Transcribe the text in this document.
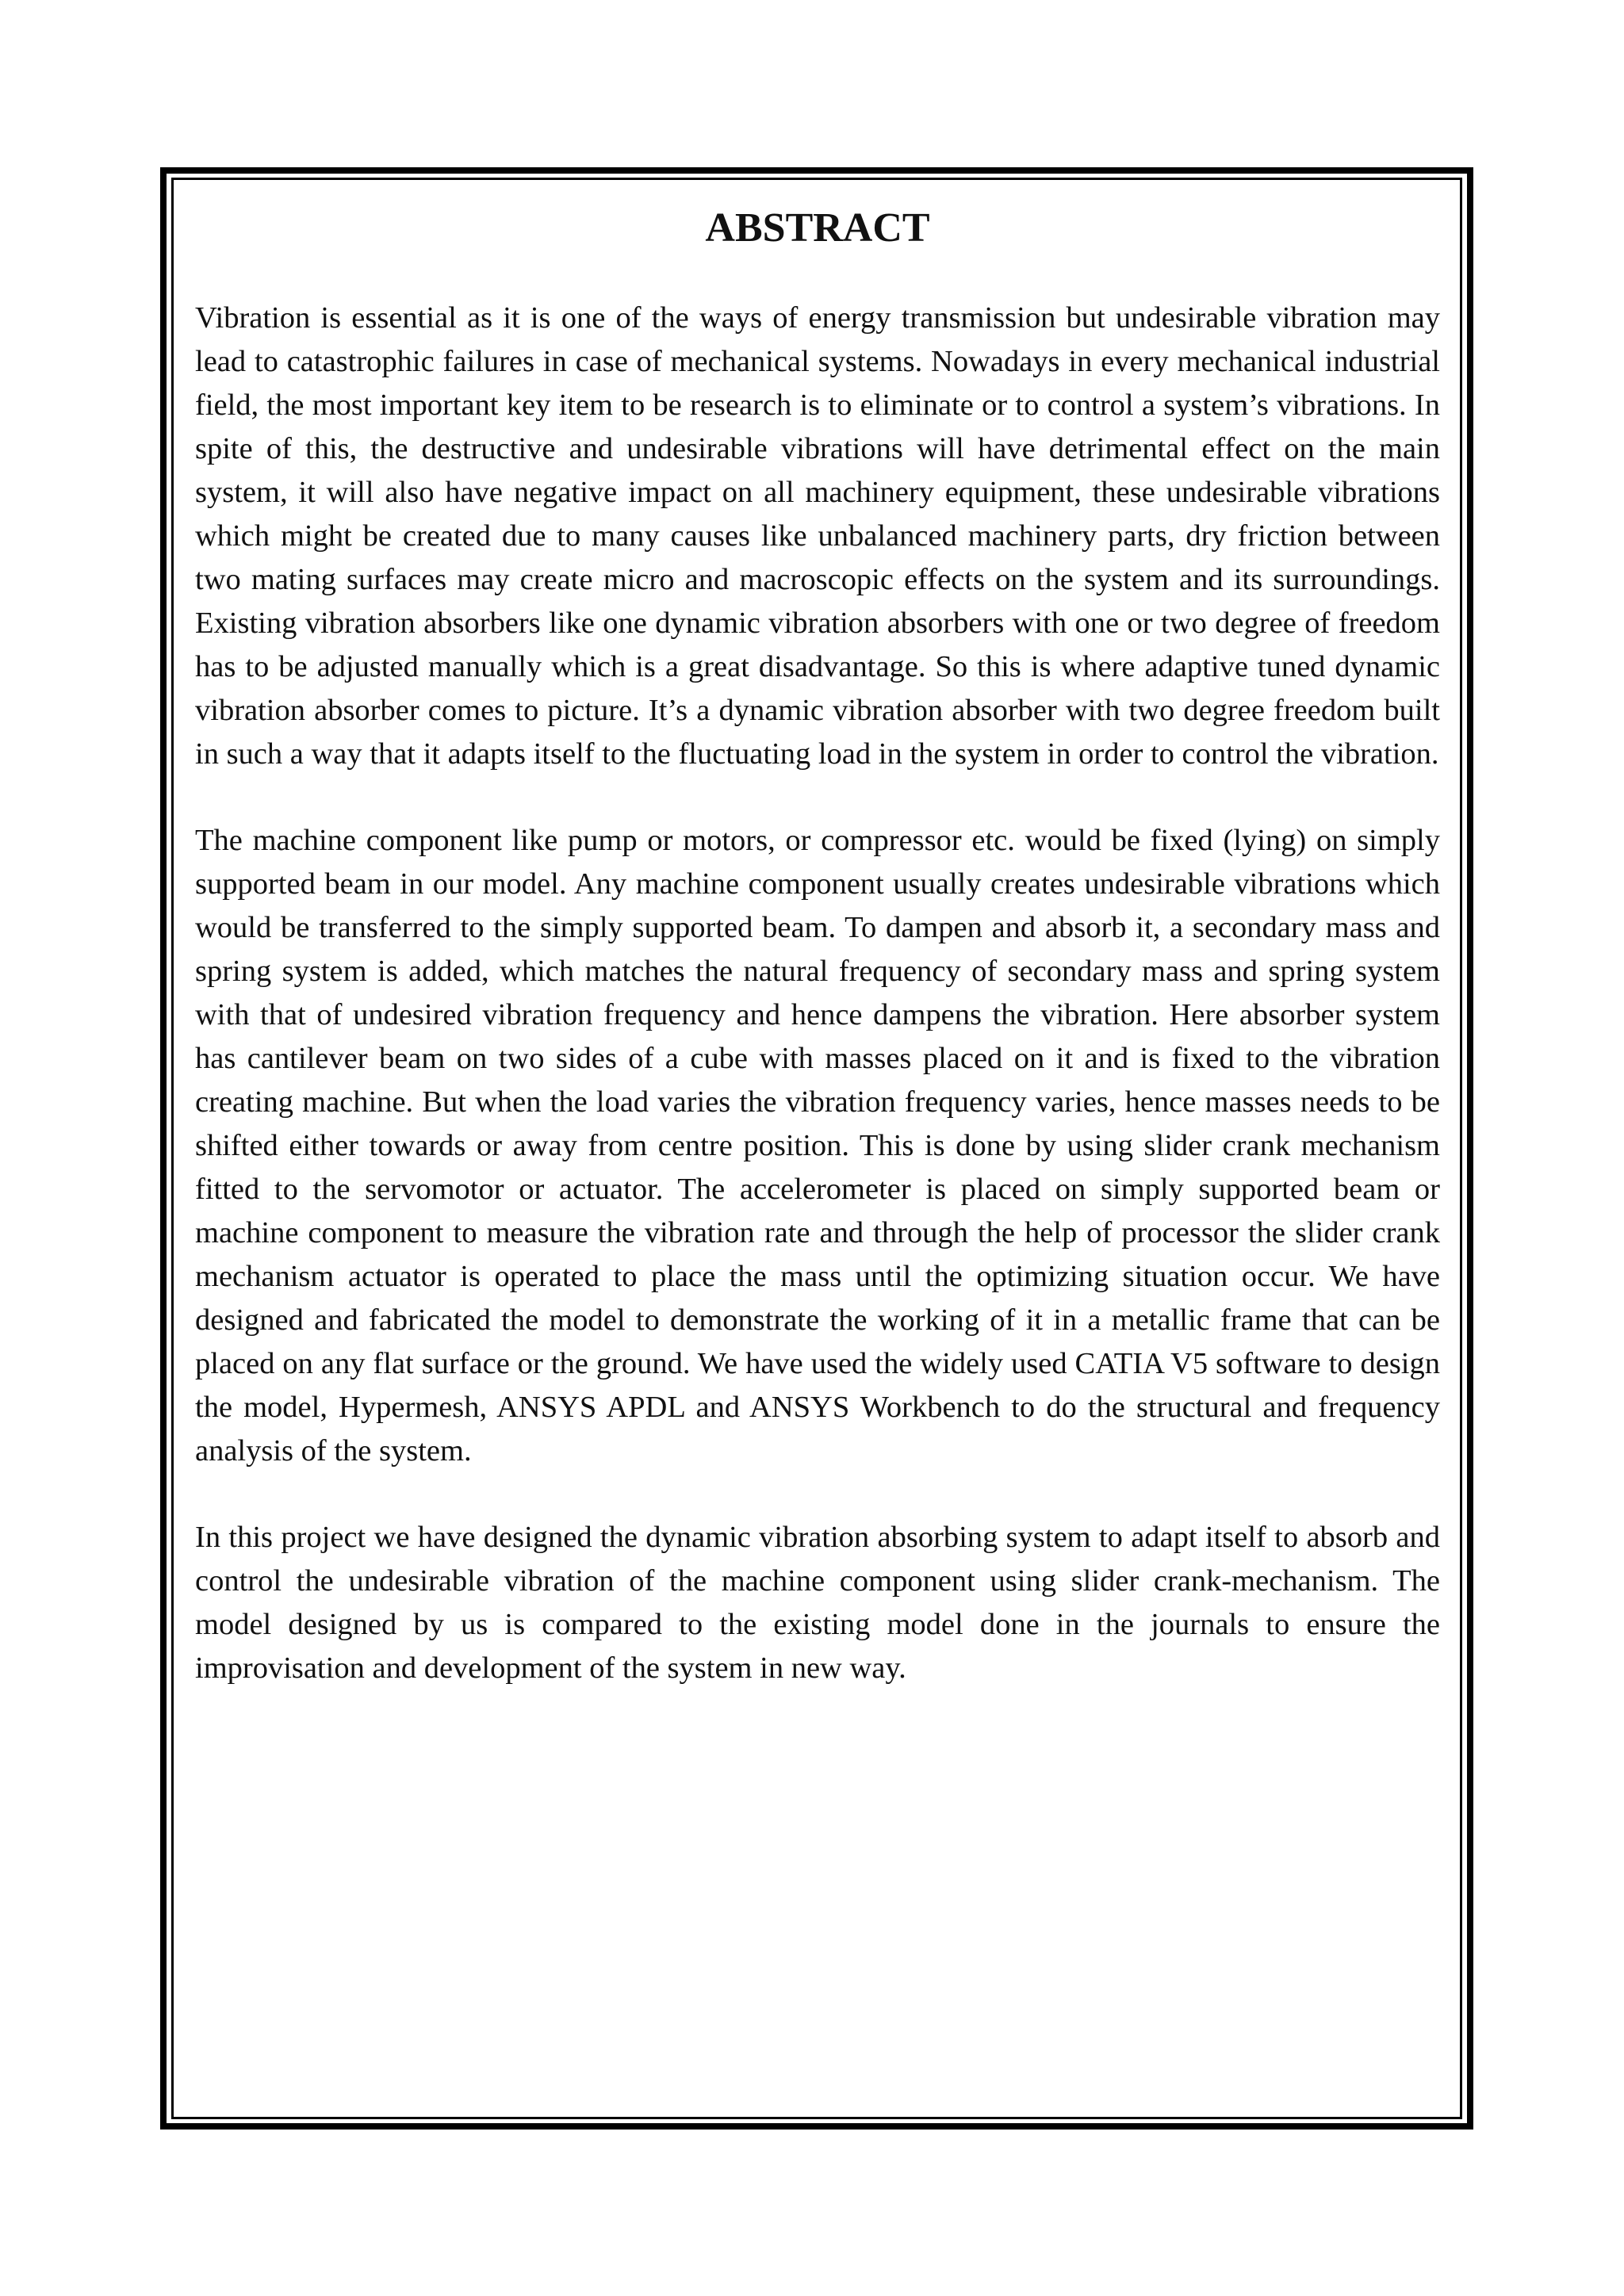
ABSTRACT

Vibration is essential as it is one of the ways of energy transmission but undesirable vibration may lead to catastrophic failures in case of mechanical systems. Nowadays in every mechanical industrial field, the most important key item to be research is to eliminate or to control a system’s vibrations. In spite of this, the destructive and undesirable vibrations will have detrimental effect on the main system, it will also have negative impact on all machinery equipment, these undesirable vibrations which might be created due to many causes like unbalanced machinery parts, dry friction between two mating surfaces may create micro and macroscopic effects on the system and its surroundings. Existing vibration absorbers like one dynamic vibration absorbers with one or two degree of freedom has to be adjusted manually which is a great disadvantage. So this is where adaptive tuned dynamic vibration absorber comes to picture. It’s a dynamic vibration absorber with two degree freedom built in such a way that it adapts itself to the fluctuating load in the system in order to control the vibration.

The machine component like pump or motors, or compressor etc. would be fixed (lying) on simply supported beam in our model. Any machine component usually creates undesirable vibrations which would be transferred to the simply supported beam. To dampen and absorb it, a secondary mass and spring system is added, which matches the natural frequency of secondary mass and spring system with that of undesired vibration frequency and hence dampens the vibration. Here absorber system has cantilever beam on two sides of a cube with masses placed on it and is fixed to the vibration creating machine. But when the load varies the vibration frequency varies, hence masses needs to be shifted either towards or away from centre position. This is done by using slider crank mechanism fitted to the servomotor or actuator. The accelerometer is placed on simply supported beam or machine component to measure the vibration rate and through the help of processor the slider crank mechanism actuator is operated to place the mass until the optimizing situation occur. We have designed and fabricated the model to demonstrate the working of it in a metallic frame that can be placed on any flat surface or the ground. We have used the widely used CATIA V5 software to design the model, Hypermesh, ANSYS APDL and ANSYS Workbench to do the structural and frequency analysis of the system.

In this project we have designed the dynamic vibration absorbing system to adapt itself to absorb and control the undesirable vibration of the machine component using slider crank-mechanism. The model designed by us is compared to the existing model done in the journals to ensure the improvisation and development of the system in new way.
